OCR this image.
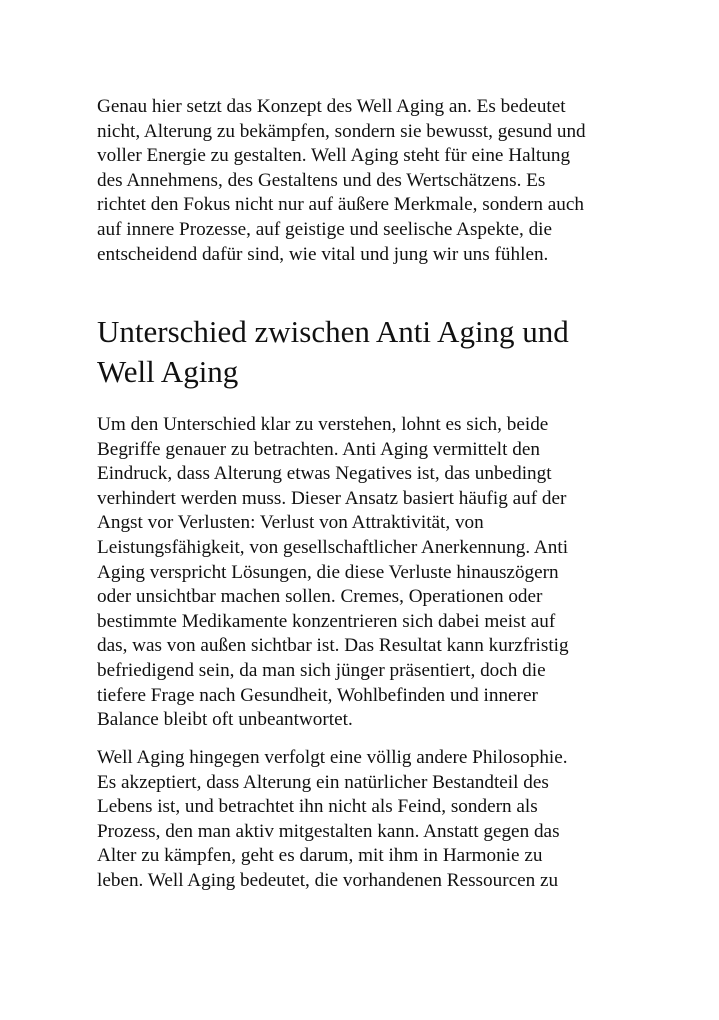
Genau hier setzt das Konzept des Well Aging an. Es bedeutet
nicht, Alterung zu bekämpfen, sondern sie bewusst, gesund und
voller Energie zu gestalten. Well Aging steht für eine Haltung
des Annehmens, des Gestaltens und des Wertschätzens. Es
richtet den Fokus nicht nur auf äußere Merkmale, sondern auch
auf innere Prozesse, auf geistige und seelische Aspekte, die
entscheidend dafür sind, wie vital und jung wir uns fühlen.

Unterschied zwischen Anti Aging und
Well Aging

Um den Unterschied klar zu verstehen, lohnt es sich, beide
Begriffe genauer zu betrachten. Anti Aging vermittelt den
Eindruck, dass Alterung etwas Negatives ist, das unbedingt
verhindert werden muss. Dieser Ansatz basiert häufig auf der
Angst vor Verlusten: Verlust von Attraktivität, von
Leistungsfähigkeit, von gesellschaftlicher Anerkennung. Anti
Aging verspricht Lösungen, die diese Verluste hinauszögern
oder unsichtbar machen sollen. Cremes, Operationen oder
bestimmte Medikamente konzentrieren sich dabei meist auf
das, was von außen sichtbar ist. Das Resultat kann kurzfristig
befriedigend sein, da man sich jünger präsentiert, doch die
tiefere Frage nach Gesundheit, Wohlbefinden und innerer
Balance bleibt oft unbeantwortet.

Well Aging hingegen verfolgt eine völlig andere Philosophie.
Es akzeptiert, dass Alterung ein natürlicher Bestandteil des
Lebens ist, und betrachtet ihn nicht als Feind, sondern als
Prozess, den man aktiv mitgestalten kann. Anstatt gegen das
Alter zu kämpfen, geht es darum, mit ihm in Harmonie zu
leben. Well Aging bedeutet, die vorhandenen Ressourcen zu
